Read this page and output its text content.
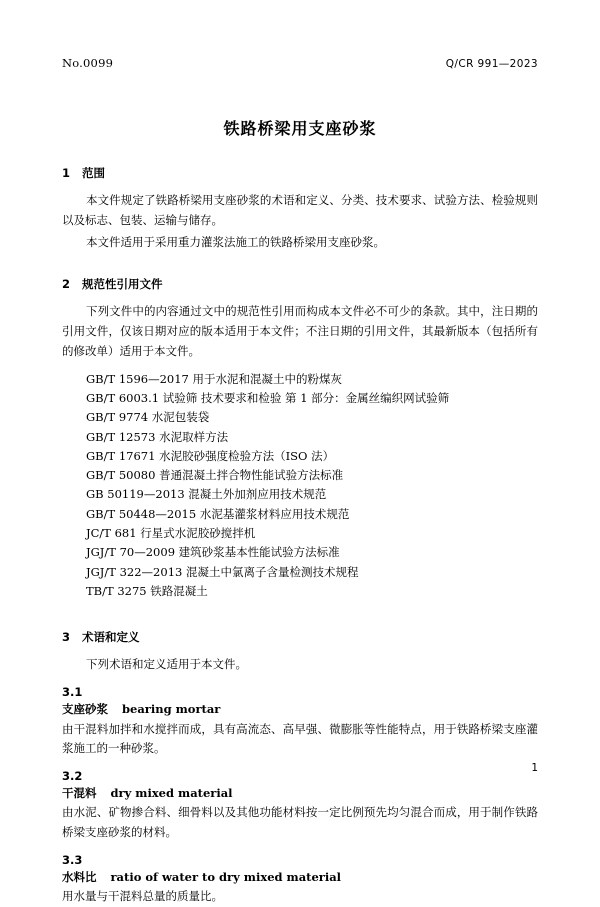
No.0099	Q/CR 991—2023
铁路桥梁用支座砂浆
1 范围

本文件规定了铁路桥梁用支座砂浆的术语和定义、分类、技术要求、试验方法、检验规则以及标志、包装、运输与储存。

本文件适用于采用重力灌浆法施工的铁路桥梁用支座砂浆。

2 规范性引用文件

下列文件中的内容通过文中的规范性引用而构成本文件必不可少的条款。其中，注日期的引用文件，仅该日期对应的版本适用于本文件；不注日期的引用文件，其最新版本（包括所有的修改单）适用于本文件。

GB/T 1596—2017 用于水泥和混凝土中的粉煤灰
GB/T 6003.1 试验筛 技术要求和检验 第 1 部分：金属丝编织网试验筛
GB/T 9774 水泥包装袋
GB/T 12573 水泥取样方法
GB/T 17671 水泥胶砂强度检验方法（ISO 法）
GB/T 50080 普通混凝土拌合物性能试验方法标准
GB 50119—2013 混凝土外加剂应用技术规范
GB/T 50448—2015 水泥基灌浆材料应用技术规范
JC/T 681 行星式水泥胶砂搅拌机
JGJ/T 70—2009 建筑砂浆基本性能试验方法标准
JGJ/T 322—2013 混凝土中氯离子含量检测技术规程
TB/T 3275 铁路混凝土
3 术语和定义

下列术语和定义适用于本文件。

3.1

支座砂浆 bearing mortar

由干混料加拌和水搅拌而成，具有高流态、高早强、微膨胀等性能特点，用于铁路桥梁支座灌浆施工的一种砂浆。

3.2

干混料 dry mixed material

由水泥、矿物掺合料、细骨料以及其他功能材料按一定比例预先均匀混合而成，用于制作铁路桥梁支座砂浆的材料。

3.3

水料比 ratio of water to dry mixed material

用水量与干混料总量的质量比。

1
